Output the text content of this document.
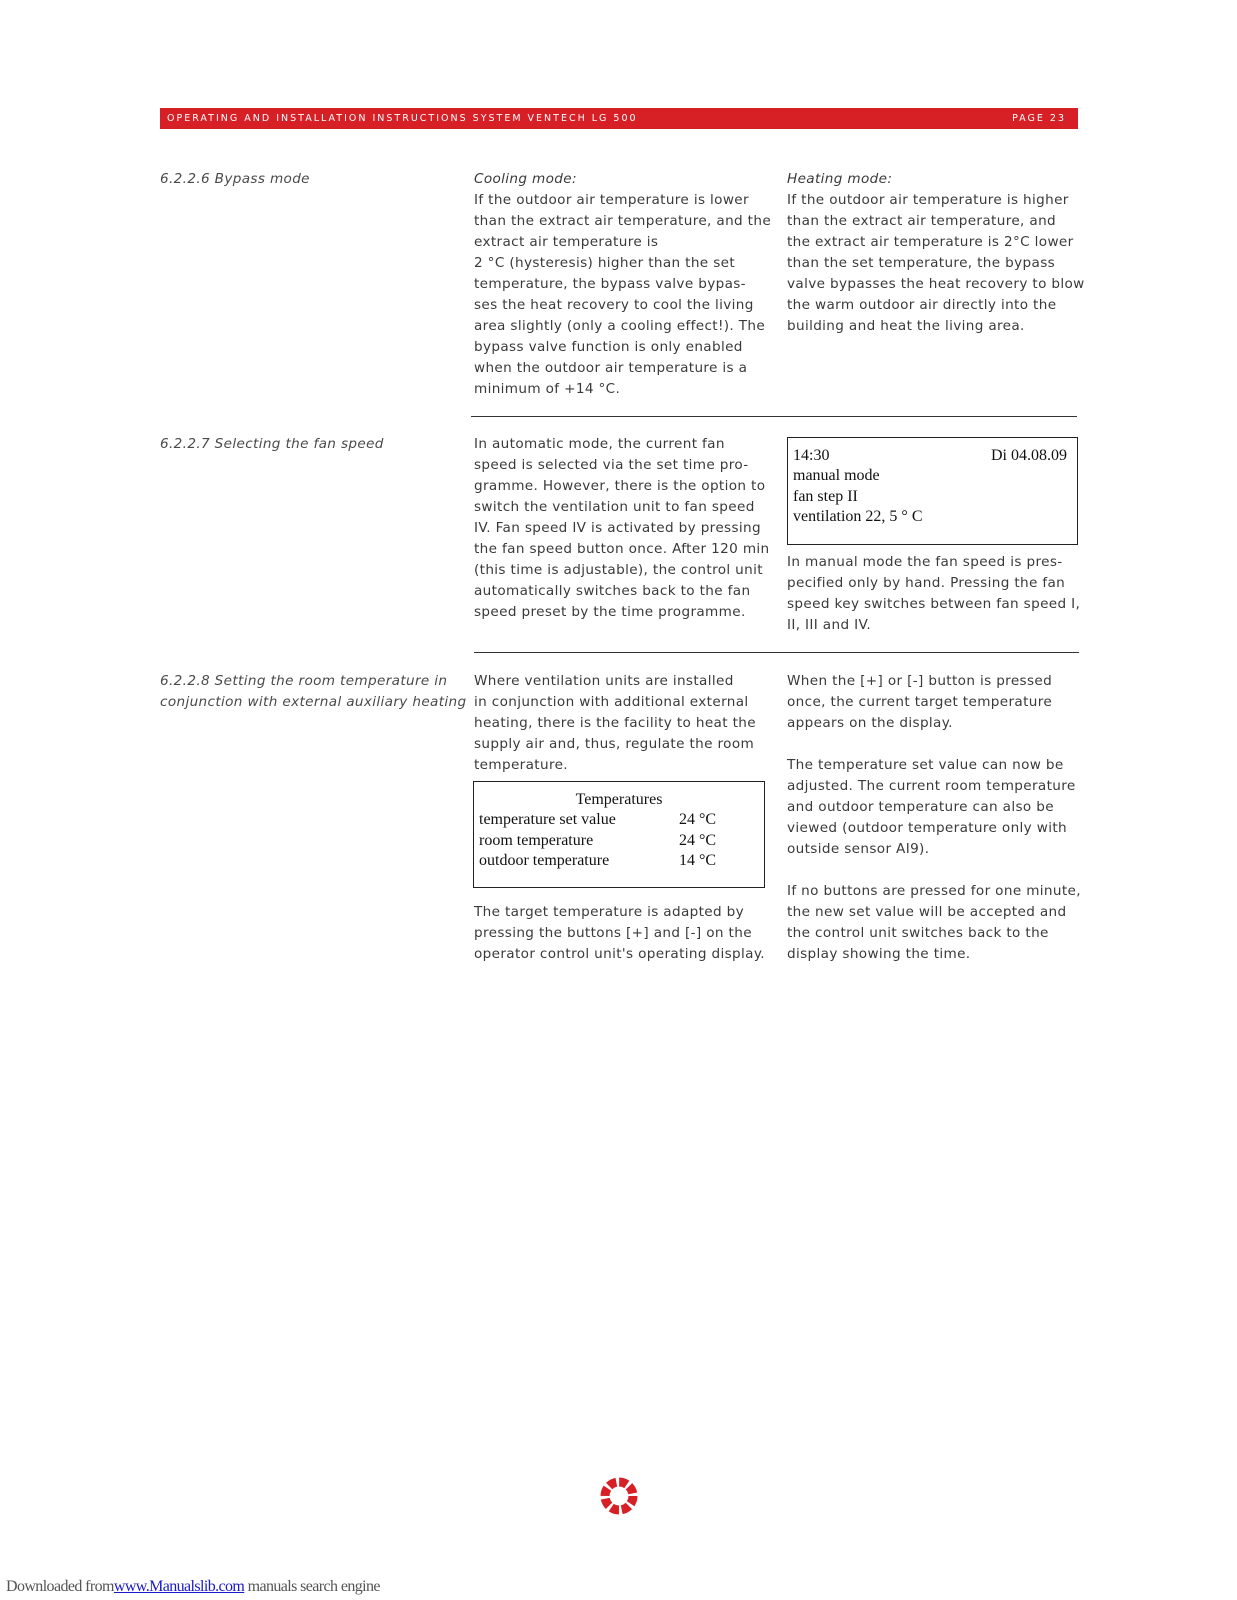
OPERATING AND INSTALLATION INSTRUCTIONS SYSTEM VENTECH LG 500	PAGE 23
6.2.2.6 Bypass mode	Cooling mode:
If the outdoor air temperature is lower
than the extract air temperature, and the
extract air temperature is
2 °C (hysteresis) higher than the set
temperature, the bypass valve bypas-
ses the heat recovery to cool the living
area slightly (only a cooling effect!). The
bypass valve function is only enabled
when the outdoor air temperature is a
minimum of +14 °C.
Heating mode:
If the outdoor air temperature is higher
than the extract air temperature, and
the extract air temperature is 2°C lower
than the set temperature, the bypass
valve bypasses the heat recovery to blow
the warm outdoor air directly into the
building and heat the living area.
6.2.2.7 Selecting the fan speed	In automatic mode, the current fan
speed is selected via the set time pro-
gramme. However, there is the option to
switch the ventilation unit to fan speed
IV. Fan speed IV is activated by pressing
the fan speed button once. After 120 min
(this time is adjustable), the control unit
automatically switches back to the fan
speed preset by the time programme.
14:30	Di 04.08.09
manual mode
fan step II
ventilation 22, 5 ° C
In manual mode the fan speed is pres-
pecified only by hand. Pressing the fan
speed key switches between fan speed I,
II, III and IV.
6.2.2.8 Setting the room temperature in
conjunction with external auxiliary heating
Where ventilation units are installed
in conjunction with additional external
heating, there is the facility to heat the
supply air and, thus, regulate the room
temperature.
Temperatures
temperature set value	24 °C
room temperature	24 °C
outdoor temperature	14 °C
The target temperature is adapted by
pressing the buttons [+] and [-] on the
operator control unit's operating display.
When the [+] or [-] button is pressed
once, the current target temperature
appears on the display.
The temperature set value can now be
adjusted. The current room temperature
and outdoor temperature can also be
viewed (outdoor temperature only with
outside sensor AI9).
If no buttons are pressed for one minute,
the new set value will be accepted and
the control unit switches back to the
display showing the time.
Downloaded fromwww.Manualslib.com manuals search engine
